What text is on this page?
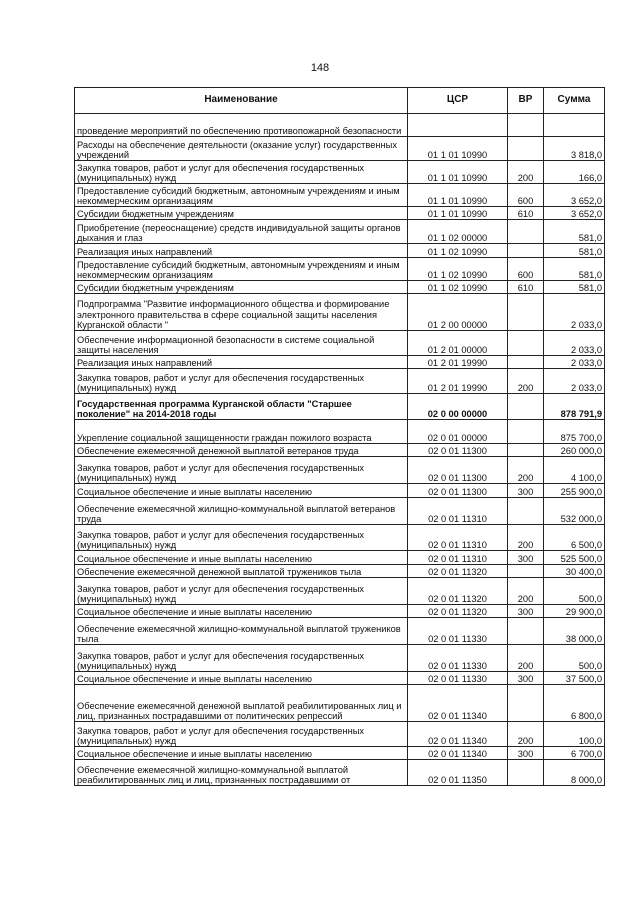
148
Наименование	ЦСР	ВР	Сумма
проведение мероприятий по обеспечению противопожарной безопасности			
Расходы на обеспечение деятельности (оказание услуг) государственных учреждений	01 1 01 10990		3 818,0
Закупка товаров, работ и услуг для обеспечения государственных (муниципальных) нужд	01 1 01 10990	200	166,0
Предоставление субсидий бюджетным, автономным учреждениям и иным некоммерческим организациям	01 1 01 10990	600	3 652,0
Субсидии бюджетным учреждениям	01 1 01 10990	610	3 652,0
Приобретение (переоснащение) средств индивидуальной защиты органов дыхания и глаз	01 1 02 00000		581,0
Реализация иных направлений	01 1 02 10990		581,0
Предоставление субсидий бюджетным, автономным учреждениям и иным некоммерческим организациям	01 1 02 10990	600	581,0
Субсидии бюджетным учреждениям	01 1 02 10990	610	581,0
Подпрограмма "Развитие информационного общества и формирование электронного правительства в сфере социальной защиты населения Курганской области "	01 2 00 00000		2 033,0
Обеспечение информационной безопасности в системе социальной защиты населения	01 2 01 00000		2 033,0
Реализация иных направлений	01 2 01 19990		2 033,0
Закупка товаров, работ и услуг для обеспечения государственных (муниципальных) нужд	01 2 01 19990	200	2 033,0
Государственная программа Курганской области "Старшее поколение" на 2014-2018 годы	02 0 00 00000		878 791,9
Укрепление социальной защищенности граждан пожилого возраста	02 0 01 00000		875 700,0
Обеспечение ежемесячной денежной выплатой ветеранов труда	02 0 01 11300		260 000,0
Закупка товаров, работ и услуг для обеспечения государственных (муниципальных) нужд	02 0 01 11300	200	4 100,0
Социальное обеспечение и иные выплаты населению	02 0 01 11300	300	255 900,0
Обеспечение ежемесячной жилищно-коммунальной выплатой ветеранов труда	02 0 01 11310		532 000,0
Закупка товаров, работ и услуг для обеспечения государственных (муниципальных) нужд	02 0 01 11310	200	6 500,0
Социальное обеспечение и иные выплаты населению	02 0 01 11310	300	525 500,0
Обеспечение ежемесячной денежной выплатой тружеников тыла	02 0 01 11320		30 400,0
Закупка товаров, работ и услуг для обеспечения государственных (муниципальных) нужд	02 0 01 11320	200	500,0
Социальное обеспечение и иные выплаты населению	02 0 01 11320	300	29 900,0
Обеспечение ежемесячной жилищно-коммунальной выплатой тружеников тыла	02 0 01 11330		38 000,0
Закупка товаров, работ и услуг для обеспечения государственных (муниципальных) нужд	02 0 01 11330	200	500,0
Социальное обеспечение и иные выплаты населению	02 0 01 11330	300	37 500,0
Обеспечение ежемесячной денежной выплатой реабилитированных лиц и лиц, признанных пострадавшими от политических репрессий	02 0 01 11340		6 800,0
Закупка товаров, работ и услуг для обеспечения государственных (муниципальных) нужд	02 0 01 11340	200	100,0
Социальное обеспечение и иные выплаты населению	02 0 01 11340	300	6 700,0
Обеспечение ежемесячной жилищно-коммунальной выплатой реабилитированных лиц и лиц, признанных пострадавшими от	02 0 01 11350		8 000,0
